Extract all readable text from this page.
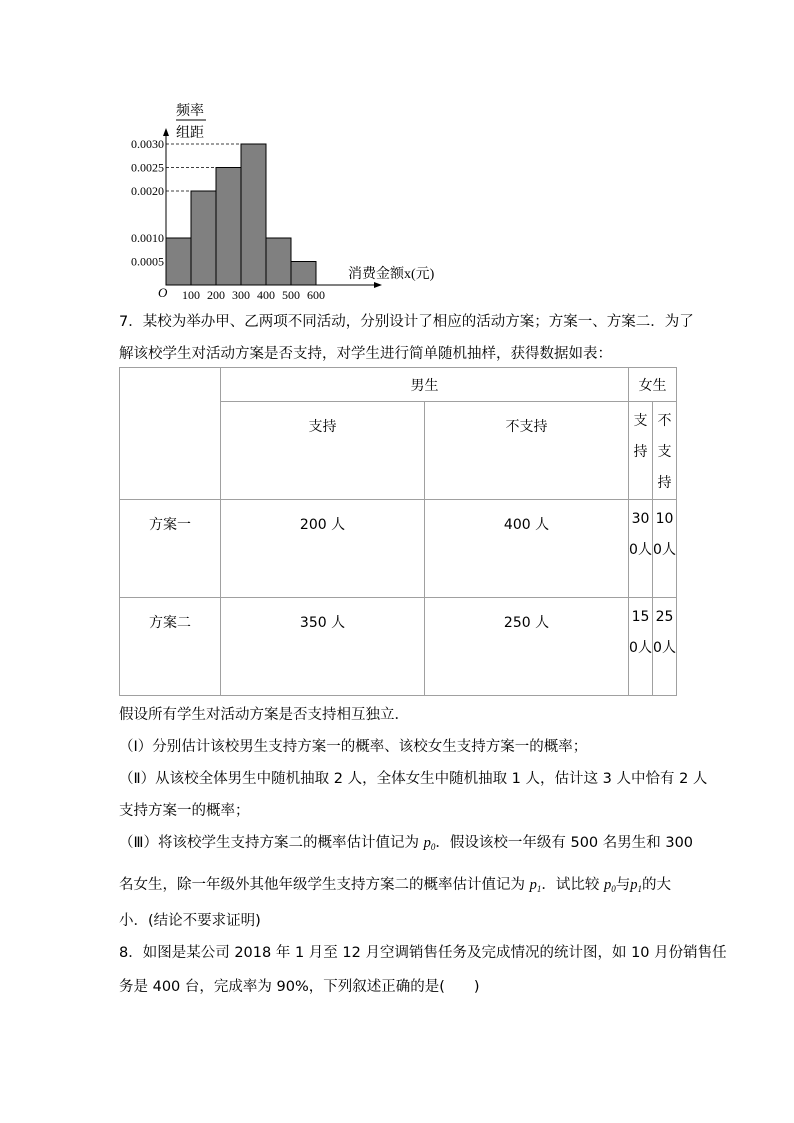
0.0030
0.0025
0.0020
0.0010
0.0005
100 200 300 400 500 600
频率
组距
消费金额x(元)
O
7．某校为举办甲、乙两项不同活动，分别设计了相应的活动方案；方案一、方案二．为了
解该校学生对活动方案是否支持，对学生进行简单随机抽样，获得数据如表：
	男生		女生	
	支持	不支持	支持	不支持
方案一	200 人	400 人	300人	100人
方案二	350 人	250 人	150人	250人
假设所有学生对活动方案是否支持相互独立．
（Ⅰ）分别估计该校男生支持方案一的概率、该校女生支持方案一的概率；
（Ⅱ）从该校全体男生中随机抽取 2 人，全体女生中随机抽取 1 人，估计这 3 人中恰有 2 人
支持方案一的概率；
（Ⅲ）将该校学生支持方案二的概率估计值记为 $p_0$．假设该校一年级有 500 名男生和 300
名女生，除一年级外其他年级学生支持方案二的概率估计值记为 $p_1$．试比较 $p_0$与$p_1$的大
小．(结论不要求证明)
8．如图是某公司 2018 年 1 月至 12 月空调销售任务及完成情况的统计图，如 10 月份销售任
务是 400 台，完成率为 90%，下列叙述正确的是(　　)
